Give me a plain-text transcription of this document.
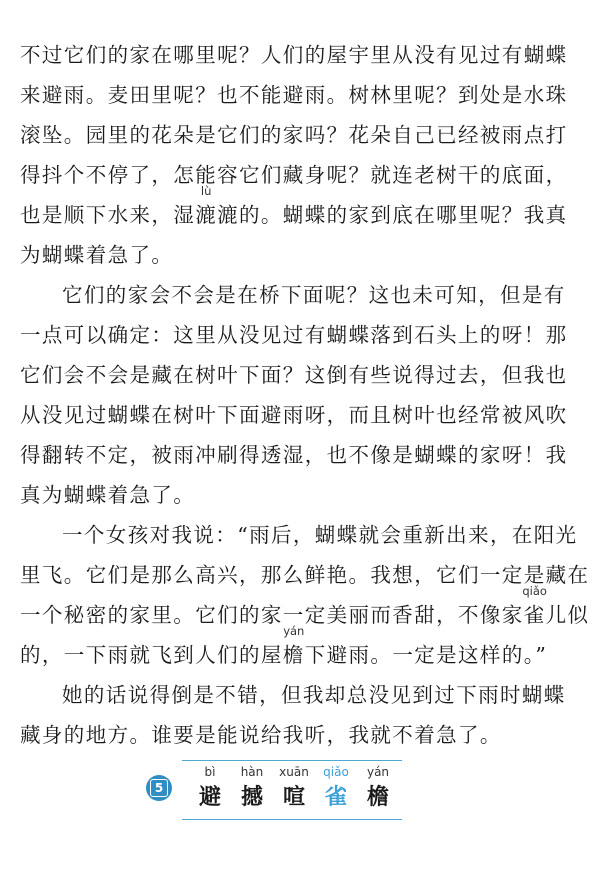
不过它们的家在哪里呢？人们的屋宇里从没有见过有蝴蝶
来避雨。麦田里呢？也不能避雨。树林里呢？到处是水珠
滚坠。园里的花朵是它们的家吗？花朵自己已经被雨点打
得抖个不停了，怎能容它们藏身呢？就连老树干的底面，
也是顺下水来，湿
lù
漉漉的。蝴蝶的家到底在哪里呢？我真
为蝴蝶着急了。
它们的家会不会是在桥下面呢？这也未可知，但是有
一点可以确定：这里从没见过有蝴蝶落到石头上的呀！那
它们会不会是藏在树叶下面？这倒有些说得过去，但我也
从没见过蝴蝶在树叶下面避雨呀，而且树叶也经常被风吹
得翻转不定，被雨冲刷得透湿，也不像是蝴蝶的家呀！我
真为蝴蝶着急了。
一个女孩对我说：“雨后，蝴蝶就会重新出来，在阳光
里飞。它们是那么高兴，那么鲜艳。我想，它们一定是藏在
一个秘密的家里。它们的家一定美丽而香甜，不像家
qiǎo
雀儿似
的，一下雨就飞到人们的屋
yán
檐下避雨。一定是这样的。”
她的话说得倒是不错，但我却总没见到过下雨时蝴蝶
藏身的地方。谁要是能说给我听，我就不着急了。
5
bì
避
hàn
撼
xuān
喧
qiǎo
雀
yán
檐
